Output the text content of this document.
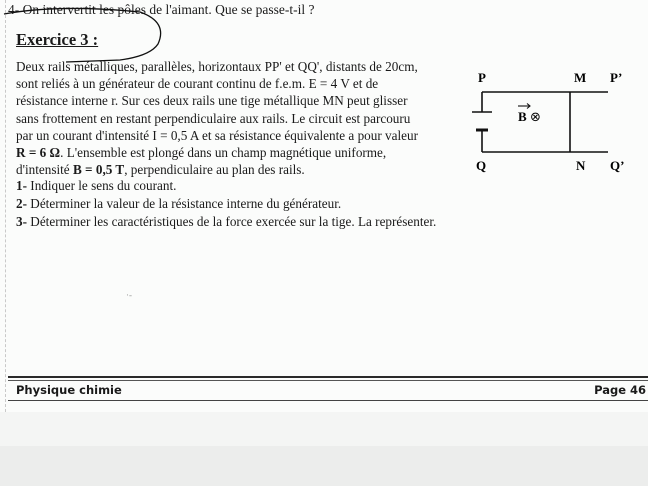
4- On intervertit les pôles de l'aimant. Que se passe-t-il ?
Exercice 3 :

Deux rails métalliques, parallèles, horizontaux PP' et QQ', distants de 20cm,

sont reliés à un générateur de courant continu de f.e.m. E = 4 V et de

résistance interne r. Sur ces deux rails une tige métallique MN peut glisser

sans frottement en restant perpendiculaire aux rails. Le circuit est parcouru

par un courant d'intensité I = 0,5 A et sa résistance équivalente a pour valeur

R = 6 Ω. L'ensemble est plongé dans un champ magnétique uniforme,

d'intensité B = 0,5 T, perpendiculaire au plan des rails.

1- Indiquer le sens du courant.
2- Déterminer la valeur de la résistance interne du générateur.
3- Déterminer les caractéristiques de la force exercée sur la tige. La représenter.
P	M P’
B ⊗
Q	N Q’
·‑
Physique chimie	Page 46
